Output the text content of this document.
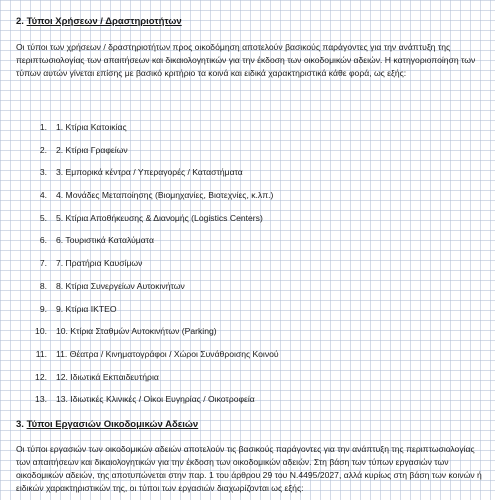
2. Τύποι Χρήσεων / Δραστηριοτήτων

Οι τύποι των χρήσεων / δραστηριοτήτων προς οικοδόμηση αποτελούν βασικούς παράγοντες για την ανάπτυξη της περιπτωσιολογίας των απαιτήσεων και δικαιολογητικών για την έκδοση των οικοδομικών αδειών. Η κατηγοριοποίηση των τύπων αυτών γίνεται επίσης με βασικό κριτήριο τα κοινά και ειδικά χαρακτηριστικά κάθε φορά, ως εξής:

1. 1. Κτίρια Κατοικίας
2. 2. Κτίρια Γραφείων
3. 3. Εμπορικά κέντρα / Υπεραγορές / Καταστήματα
4. 4. Μονάδες Μεταποίησης (Βιομηχανίες, Βιοτεχνίες, κ.λπ.)
5. 5. Κτίρια Αποθήκευσης & Διανομής (Logistics Centers)
6. 6. Τουριστικά Καταλύματα
7. 7. Πρατήρια Καυσίμων
8. 8. Κτίρια Συνεργείων Αυτοκινήτων
9. 9. Κτίρια ΙΚΤΕΟ
10. 10. Κτίρια Σταθμών Αυτοκινήτων (Parking)
11. 11. Θέατρα / Κινηματογράφοι / Χώροι Συνάθροισης Κοινού
12. 12. Ιδιωτικά Εκπαιδευτήρια
13. 13. Ιδιωτικές Κλινικές / Οίκοι Ευγηρίας / Οικοτροφεία
3. Τύποι Εργασιών Οικοδομικών Αδειών

Οι τύποι εργασιών των οικοδομικών αδειών αποτελούν τις βασικούς παράγοντες για την ανάπτυξη της περιπτωσιολογίας των απαιτήσεων και δικαιολογητικών για την έκδοση των οικοδομικών αδειών. Στη βάση των τύπων εργασιών των οικοδομικών αδειών, της αποτυπώνεται στην παρ. 1 του άρθρου 29 του Ν.4495/2027, αλλά κυρίως στη βάση των κοινών ή ειδικών χαρακτηριστικών της, οι τύποι των εργασιών διαχωρίζονται ως εξής:
